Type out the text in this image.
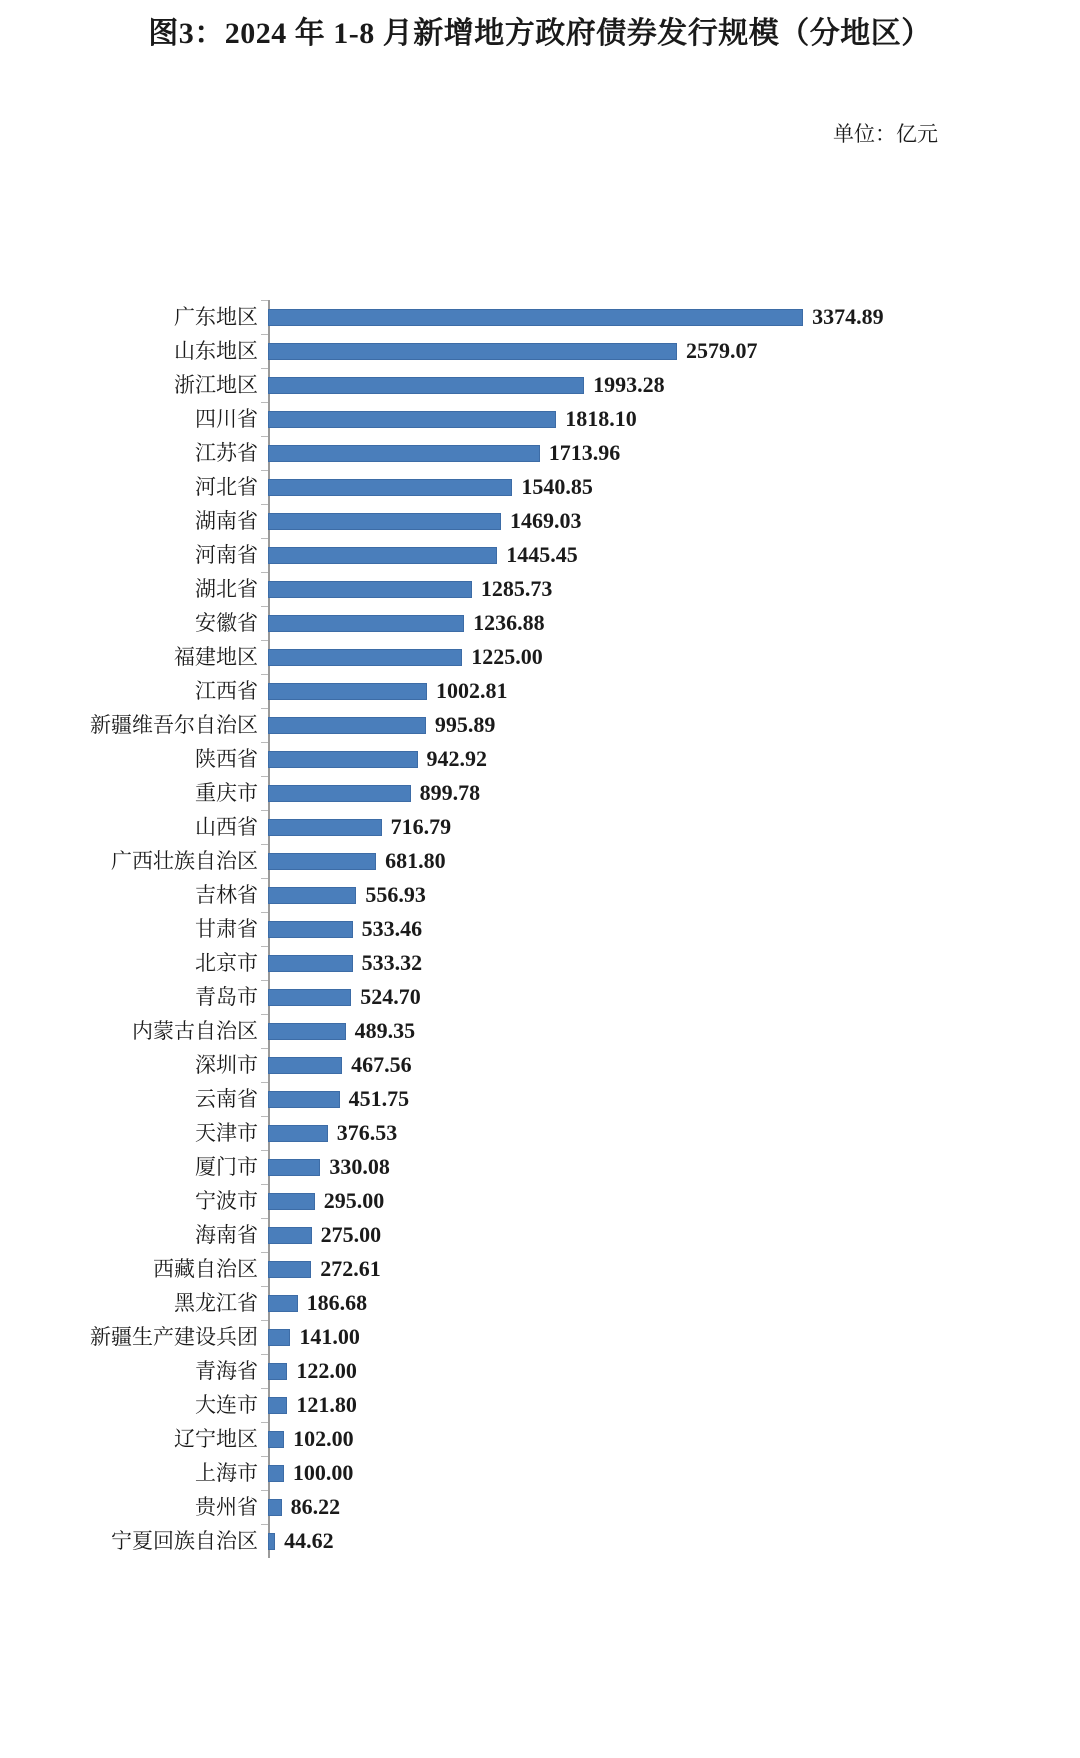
图3：2024 年 1-8 月新增地方政府债券发行规模（分地区）
单位：亿元
广东地区	3374.89
山东地区	2579.07
浙江地区	1993.28
四川省	1818.10
江苏省	1713.96
河北省	1540.85
湖南省	1469.03
河南省	1445.45
湖北省	1285.73
安徽省	1236.88
福建地区	1225.00
江西省	1002.81
新疆维吾尔自治区	995.89
陕西省	942.92
重庆市	899.78
山西省	716.79
广西壮族自治区	681.80
吉林省	556.93
甘肃省	533.46
北京市	533.32
青岛市	524.70
内蒙古自治区	489.35
深圳市	467.56
云南省	451.75
天津市	376.53
厦门市	330.08
宁波市	295.00
海南省	275.00
西藏自治区	272.61
黑龙江省	186.68
新疆生产建设兵团	141.00
青海省	122.00
大连市	121.80
辽宁地区	102.00
上海市	100.00
贵州省	86.22
宁夏回族自治区	44.62
